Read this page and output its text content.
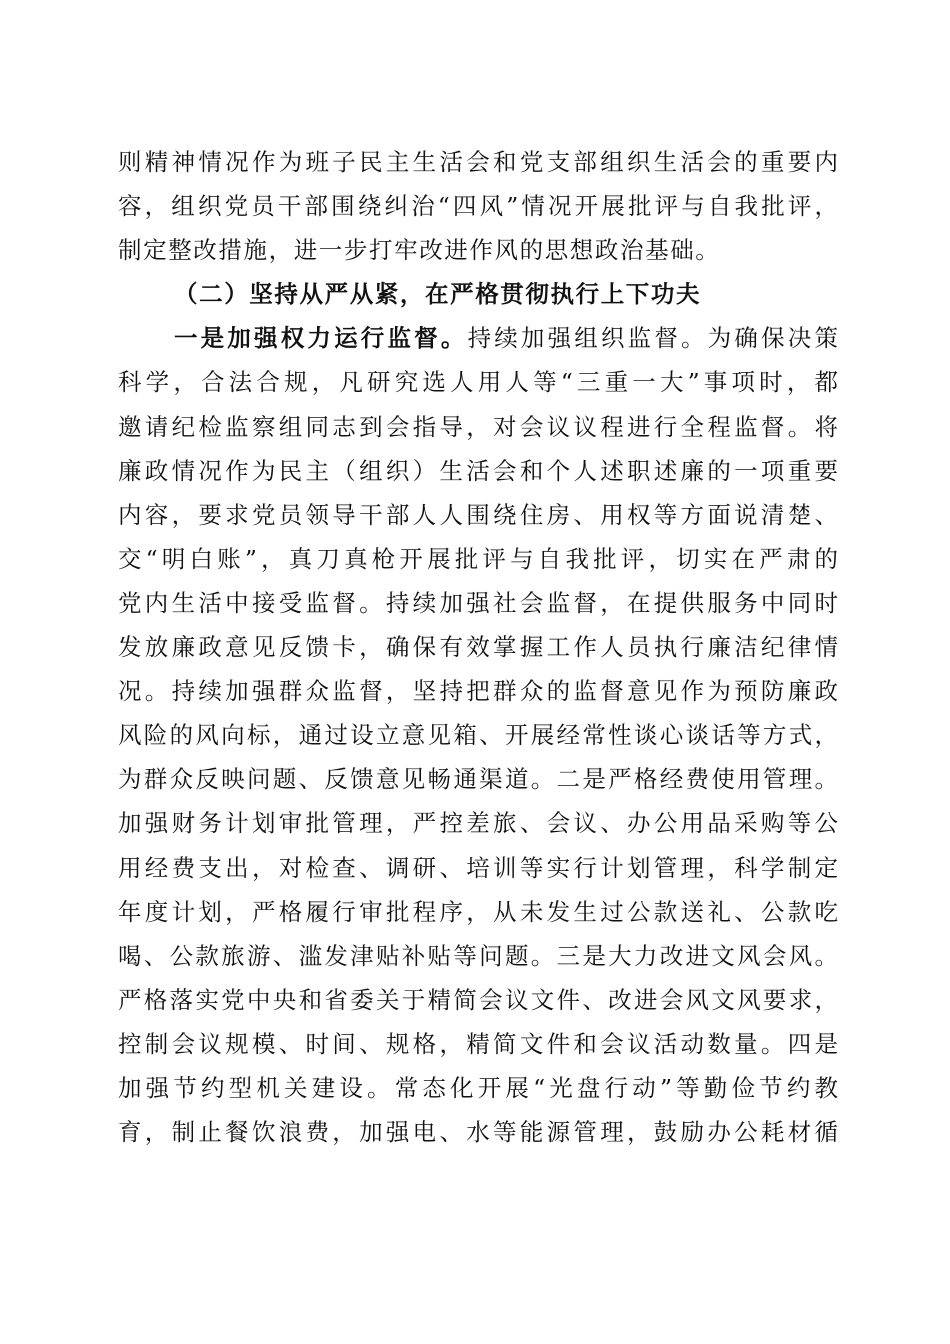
则精神情况作为班子民主生活会和党支部组织生活会的重要内
容，组织党员干部围绕纠治“四风”情况开展批评与自我批评，
制定整改措施，进一步打牢改进作风的思想政治基础。
（二）坚持从严从紧，在严格贯彻执行上下功夫
一是加强权力运行监督。持续加强组织监督。为确保决策
科学，合法合规，凡研究选人用人等“三重一大”事项时，都
邀请纪检监察组同志到会指导，对会议议程进行全程监督。将
廉政情况作为民主（组织）生活会和个人述职述廉的一项重要
内容，要求党员领导干部人人围绕住房、用权等方面说清楚、
交“明白账”，真刀真枪开展批评与自我批评，切实在严肃的
党内生活中接受监督。持续加强社会监督，在提供服务中同时
发放廉政意见反馈卡，确保有效掌握工作人员执行廉洁纪律情
况。持续加强群众监督，坚持把群众的监督意见作为预防廉政
风险的风向标，通过设立意见箱、开展经常性谈心谈话等方式，
为群众反映问题、反馈意见畅通渠道。二是严格经费使用管理。
加强财务计划审批管理，严控差旅、会议、办公用品采购等公
用经费支出，对检查、调研、培训等实行计划管理，科学制定
年度计划，严格履行审批程序，从未发生过公款送礼、公款吃
喝、公款旅游、滥发津贴补贴等问题。三是大力改进文风会风。
严格落实党中央和省委关于精简会议文件、改进会风文风要求，
控制会议规模、时间、规格，精简文件和会议活动数量。四是
加强节约型机关建设。常态化开展“光盘行动”等勤俭节约教
育，制止餐饮浪费，加强电、水等能源管理，鼓励办公耗材循
